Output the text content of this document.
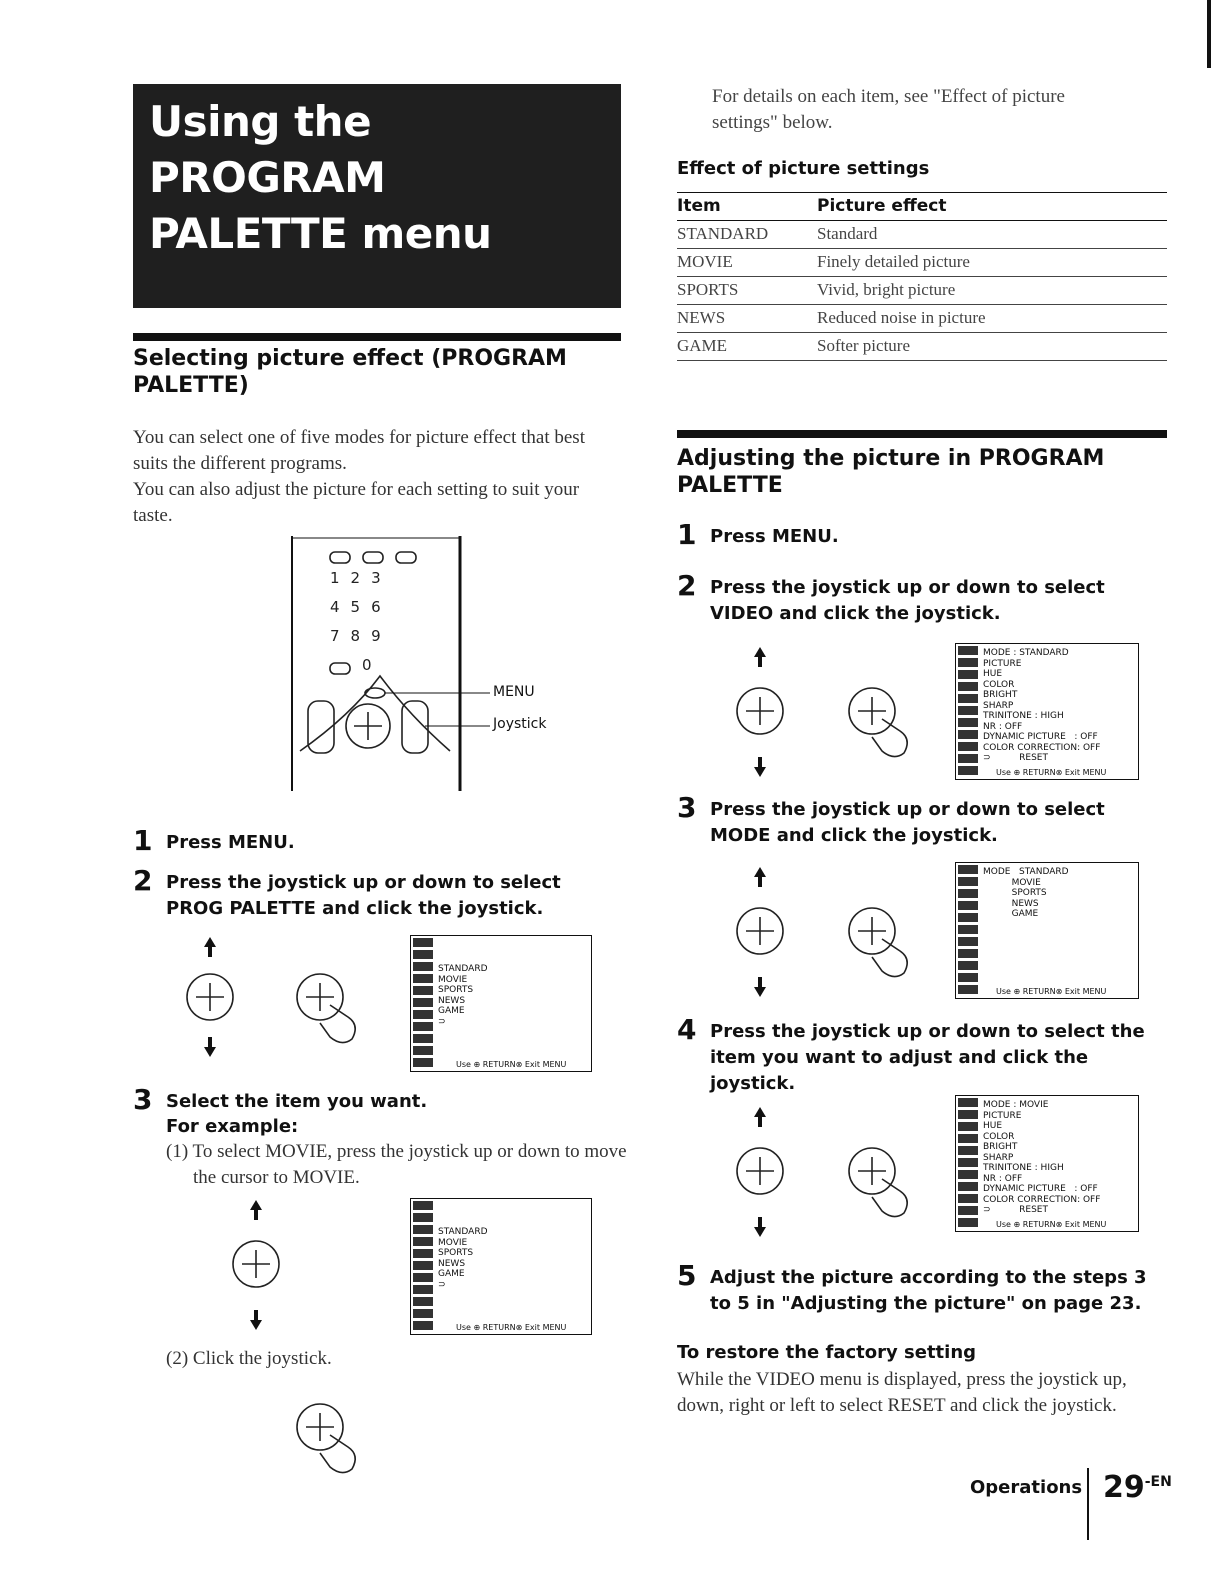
Using the PROGRAM
PALETTE menu
Selecting picture effect (PROGRAM PALETTE)
You can select one of five modes for picture effect that best suits the different programs.
You can also adjust the picture for each setting to suit your taste.
123
456
789
0
MENU
Joystick
1 Press MENU.
2 Press the joystick up or down to select PROG PALETTE and click the joystick.
STANDARD
MOVIE
SPORTS
NEWS
GAME
⊃
Use ⊕ RETURN⊗ Exit MENU
3 Select the item you want.
For example:
(1) To select MOVIE, press the joystick up or down to move the cursor to MOVIE.
STANDARD
MOVIE
SPORTS
NEWS
GAME
⊃
Use ⊕ RETURN⊗ Exit MENU
(2) Click the joystick.
For details on each item, see "Effect of picture settings" below.
Effect of picture settings
Item	Picture effect
STANDARD	Standard
MOVIE	Finely detailed picture
SPORTS	Vivid, bright picture
NEWS	Reduced noise in picture
GAME	Softer picture
Adjusting the picture in PROGRAM PALETTE
1 Press MENU.
2 Press the joystick up or down to select VIDEO and click the joystick.
MODE : STANDARD
PICTURE
HUE
COLOR
BRIGHT
SHARP
TRINITONE : HIGH
NR : OFF
DYNAMIC PICTURE   : OFF
COLOR CORRECTION: OFF
⊃          RESET
Use ⊕ RETURN⊗ Exit MENU
3 Press the joystick up or down to select MODE and click the joystick.
MODE   STANDARD
MOVIE
SPORTS
NEWS
GAME
Use ⊕ RETURN⊗ Exit MENU
4 Press the joystick up or down to select the item you want to adjust and click the joystick.
MODE : MOVIE
PICTURE
HUE
COLOR
BRIGHT
SHARP
TRINITONE : HIGH
NR : OFF
DYNAMIC PICTURE   : OFF
COLOR CORRECTION: OFF
⊃          RESET
Use ⊕ RETURN⊗ Exit MENU
5 Adjust the picture according to the steps 3 to 5 in "Adjusting the picture" on page 23.
To restore the factory setting
While the VIDEO menu is displayed, press the joystick up, down, right or left to select RESET and click the joystick.
Operations $29^{-EN}$
